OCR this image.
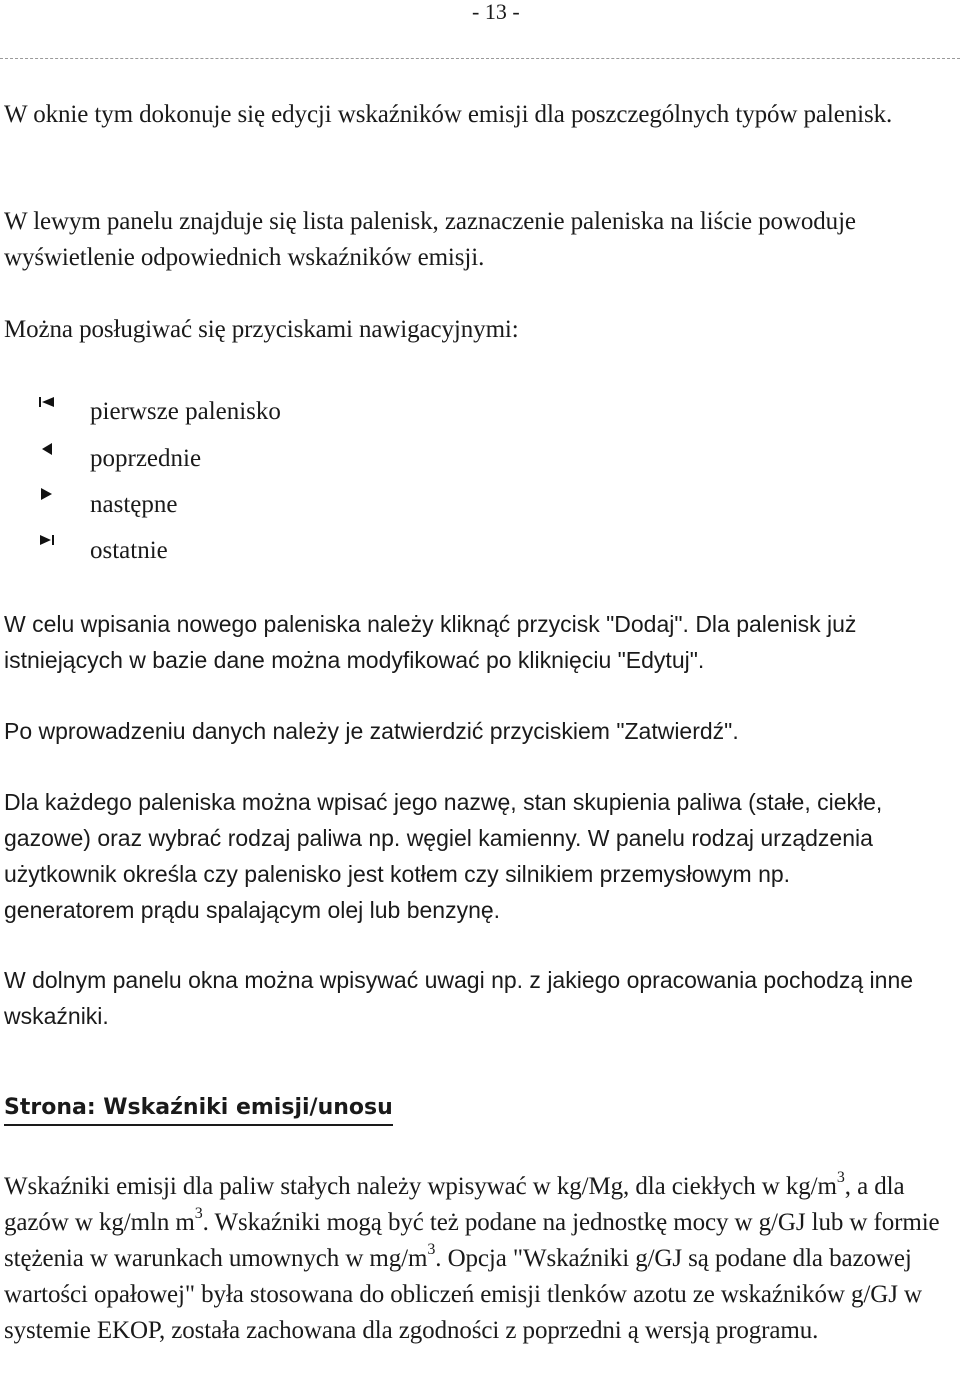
- 13 -

W oknie tym dokonuje się edycji wskaźników emisji dla poszczególnych typów palenisk.

W lewym panelu znajduje się lista palenisk, zaznaczenie paleniska na liście powoduje wyświetlenie odpowiednich wskaźników emisji.

Można posługiwać się przyciskami nawigacyjnymi:

pierwsze palenisko
poprzednie
następne
ostatnie

W celu wpisania nowego paleniska należy kliknąć przycisk "Dodaj". Dla palenisk już istniejących w bazie dane można modyfikować po kliknięciu "Edytuj".

Po wprowadzeniu danych należy je zatwierdzić przyciskiem "Zatwierdź".

Dla każdego paleniska można wpisać jego nazwę, stan skupienia paliwa (stałe, ciekłe, gazowe) oraz wybrać rodzaj paliwa np. węgiel kamienny. W panelu rodzaj urządzenia użytkownik określa czy palenisko jest kotłem czy silnikiem przemysłowym np. generatorem prądu spalającym olej lub benzynę.

W dolnym panelu okna można wpisywać uwagi np. z jakiego opracowania pochodzą inne wskaźniki.

Strona: Wskaźniki emisji/unosu

Wskaźniki emisji dla paliw stałych należy wpisywać w kg/Mg, dla ciekłych w $kg/m^3$, a dla gazów w kg/mln $m^3$. Wskaźniki mogą być też podane na jednostkę mocy w g/GJ lub w formie stężenia w warunkach umownych w $mg/m^3$. Opcja "Wskaźniki g/GJ są podane dla bazowej wartości opałowej" była stosowana do obliczeń emisji tlenków azotu ze wskaźników g/GJ w systemie EKOP, została zachowana dla zgodności z poprzedni ą wersją programu.
